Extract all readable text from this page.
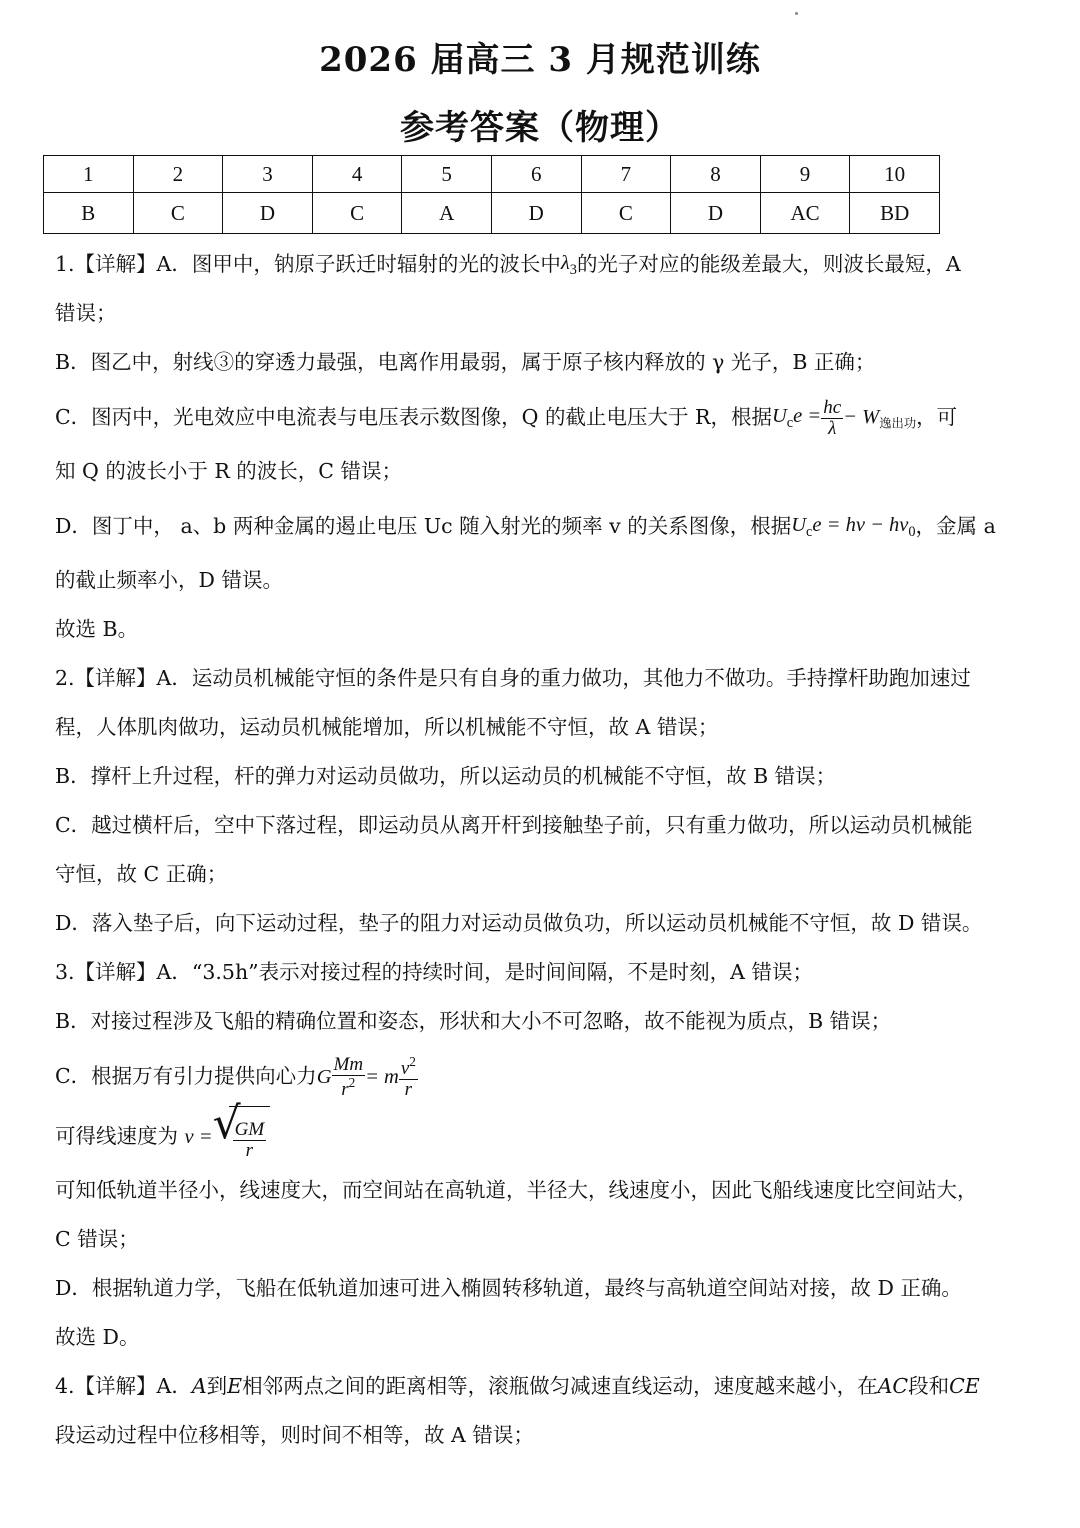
2026 届高三 3 月规范训练
参考答案（物理）
1	2	3	4	5	6	7	8	9	10
B	C	D	C	A	D	C	D	AC	BD
1.【详解】A．图甲中，钠原子跃迁时辐射的光的波长中$\lambda_3$的光子对应的能级差最大，则波长最短，A
错误；
B．图乙中，射线③的穿透力最强，电离作用最弱，属于原子核内释放的 γ 光子，B 正确；
C．图丙中，光电效应中电流表与电压表示数图像，Q 的截止电压大于 R，根据$U_ce = \frac{hc}{\lambda} - W_{逸出功}$，可
知 Q 的波长小于 R 的波长，C 错误；
D．图丁中， a、b 两种金属的遏止电压 Uc 随入射光的频率 v 的关系图像，根据$U_ce = h\nu - h\nu_0$，金属 a
的截止频率小，D 错误。
故选 B。
2.【详解】A．运动员机械能守恒的条件是只有自身的重力做功，其他力不做功。手持撑杆助跑加速过
程，人体肌肉做功，运动员机械能增加，所以机械能不守恒，故 A 错误；
B．撑杆上升过程，杆的弹力对运动员做功，所以运动员的机械能不守恒，故 B 错误；
C．越过横杆后，空中下落过程，即运动员从离开杆到接触垫子前，只有重力做功，所以运动员机械能
守恒，故 C 正确；
D．落入垫子后，向下运动过程，垫子的阻力对运动员做负功，所以运动员机械能不守恒，故 D 错误。
3.【详解】A．“3.5h”表示对接过程的持续时间，是时间间隔，不是时刻，A 错误；
B．对接过程涉及飞船的精确位置和姿态，形状和大小不可忽略，故不能视为质点，B 错误；
C．根据万有引力提供向心力G $\frac{Mm}{r^2} = m \frac{v^2}{r}$
可得线速度为 v = √
$\frac{GM}{r}$
可知低轨道半径小，线速度大，而空间站在高轨道，半径大，线速度小，因此飞船线速度比空间站大，
C 错误；
D．根据轨道力学，飞船在低轨道加速可进入椭圆转移轨道，最终与高轨道空间站对接，故 D 正确。
故选 D。
4.【详解】A．𝐴到𝐸相邻两点之间的距离相等，滚瓶做匀减速直线运动，速度越来越小，在𝐴𝐶段和𝐶𝐸
段运动过程中位移相等，则时间不相等，故 A 错误；
